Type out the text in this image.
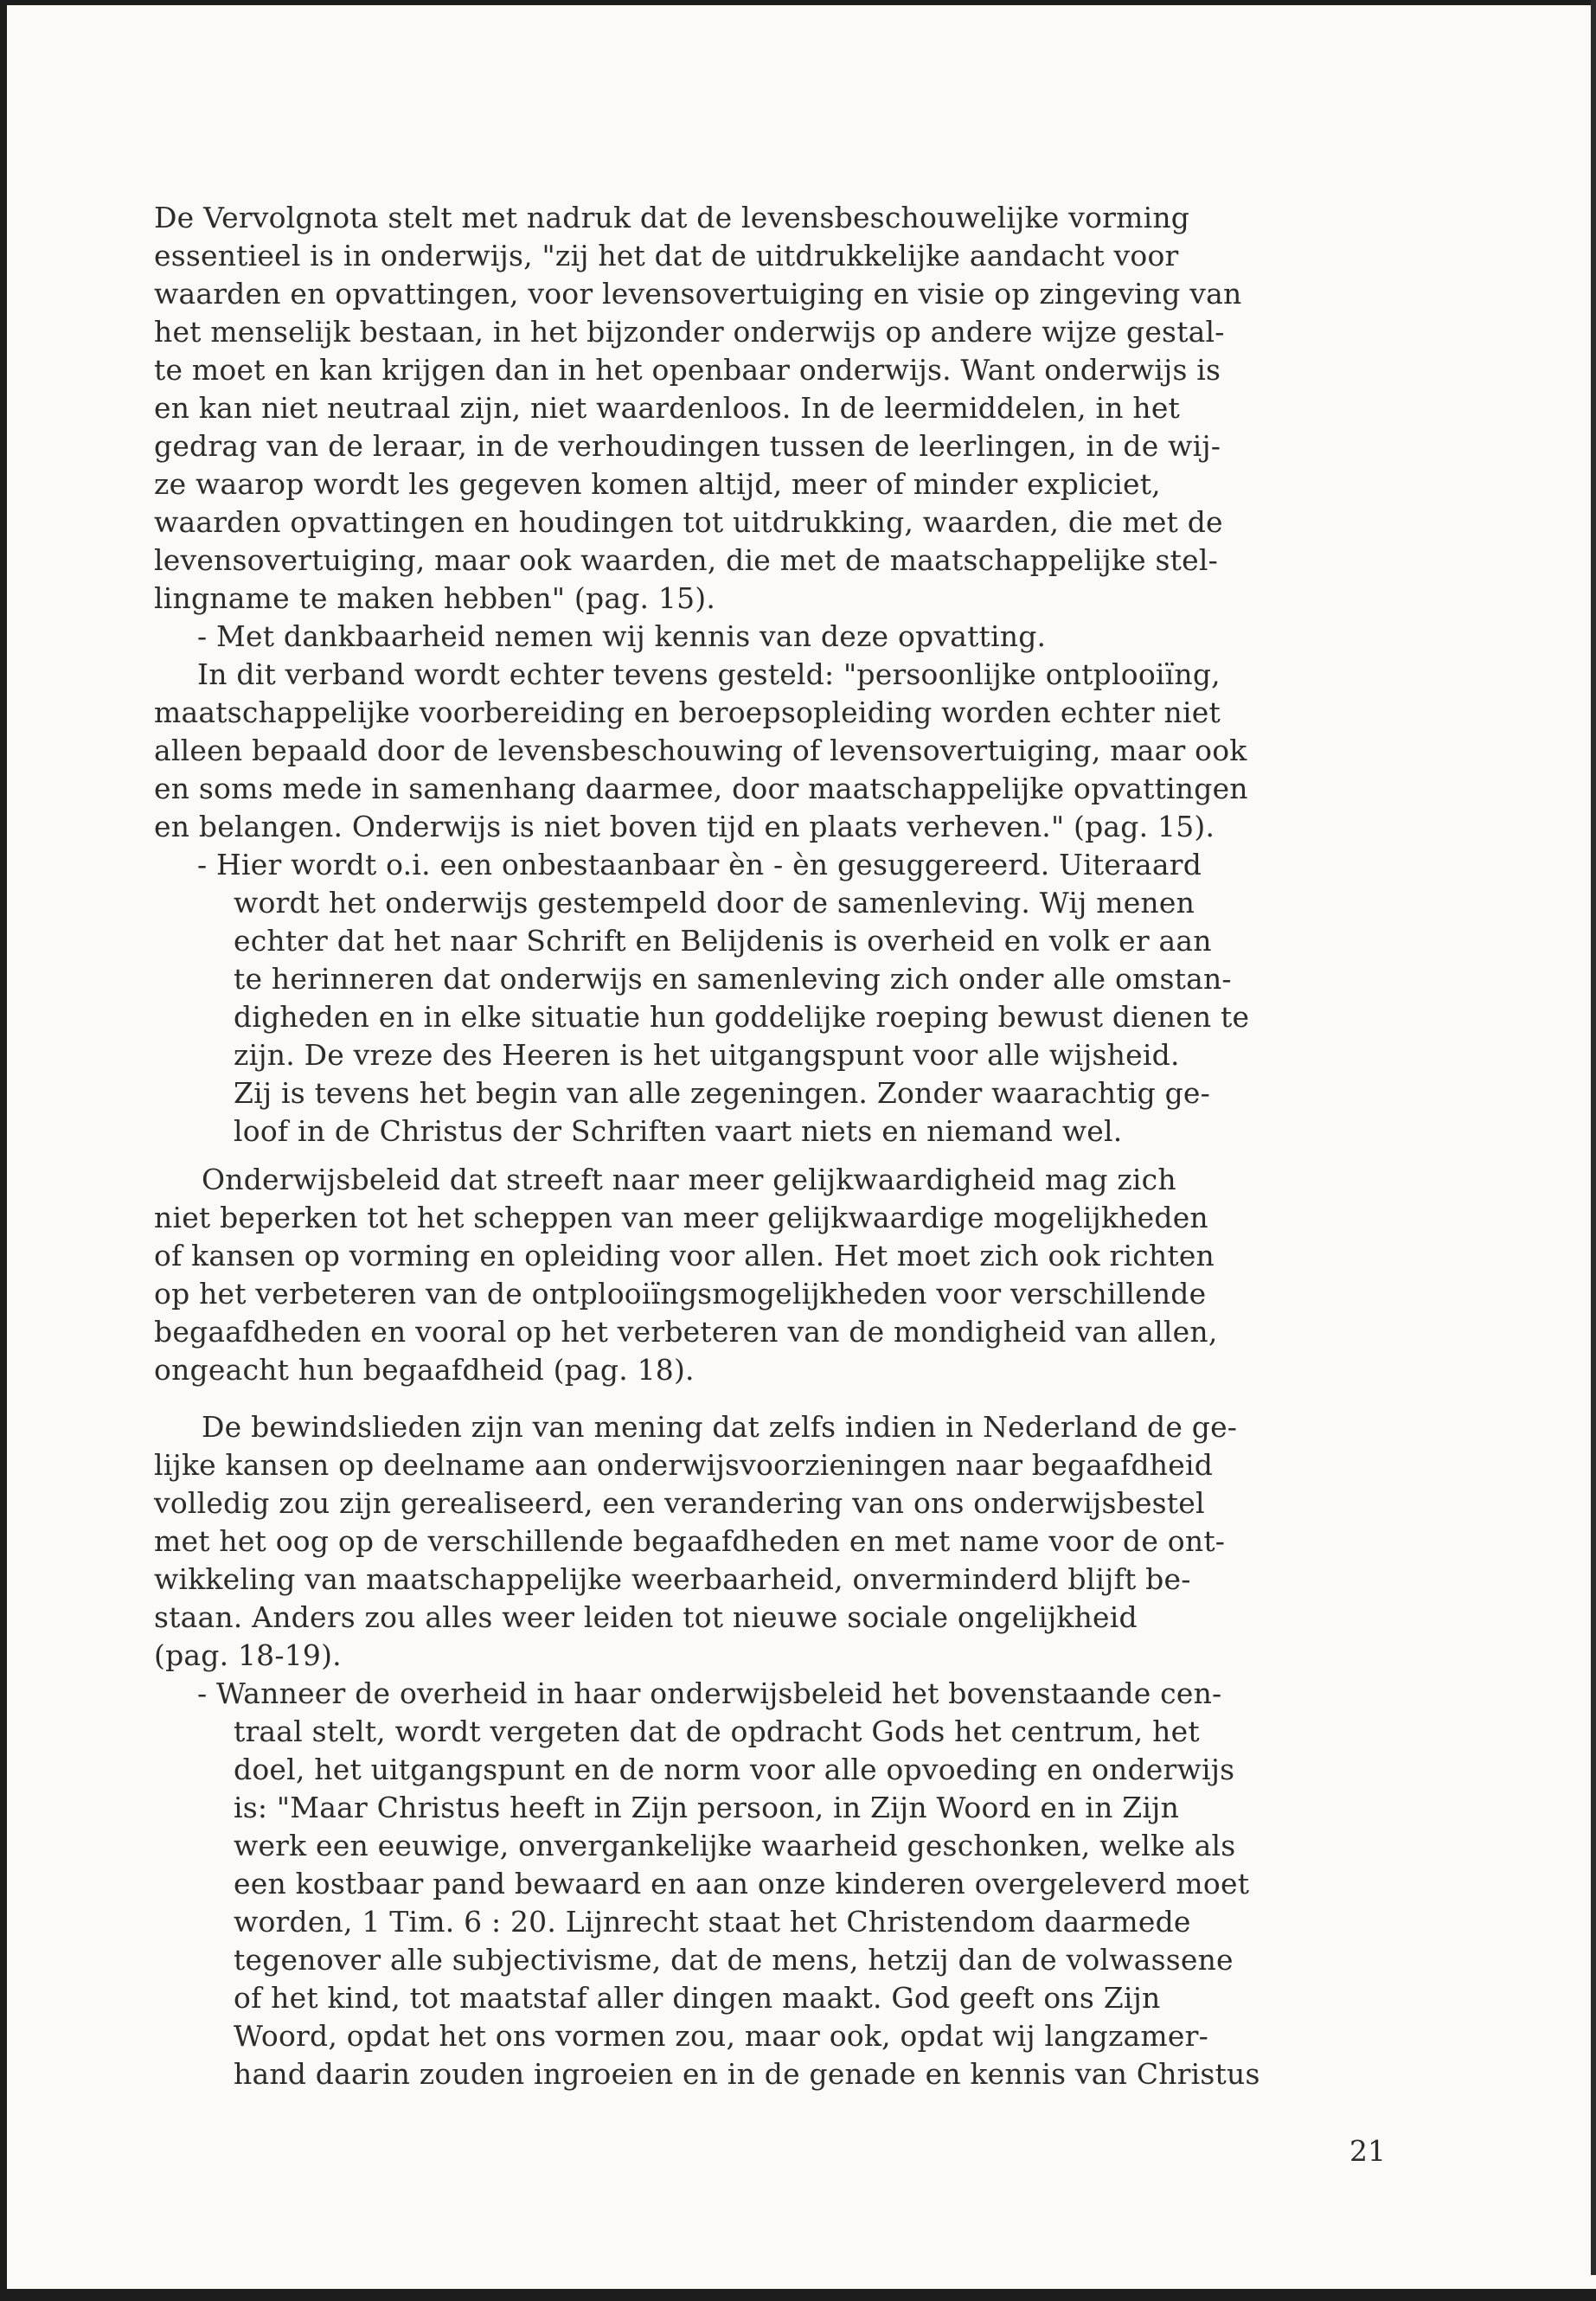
De Vervolgnota stelt met nadruk dat de levensbeschouwelijke vorming
essentieel is in onderwijs, "zij het dat de uitdrukkelijke aandacht voor
waarden en opvattingen, voor levensovertuiging en visie op zingeving van
het menselijk bestaan, in het bijzonder onderwijs op andere wijze gestal-
te moet en kan krijgen dan in het openbaar onderwijs. Want onderwijs is
en kan niet neutraal zijn, niet waardenloos. In de leermiddelen, in het
gedrag van de leraar, in de verhoudingen tussen de leerlingen, in de wij-
ze waarop wordt les gegeven komen altijd, meer of minder expliciet,
waarden opvattingen en houdingen tot uitdrukking, waarden, die met de
levensovertuiging, maar ook waarden, die met de maatschappelijke stel-
lingname te maken hebben" (pag. 15).
- Met dankbaarheid nemen wij kennis van deze opvatting.
In dit verband wordt echter tevens gesteld: "persoonlijke ontplooiïng,
maatschappelijke voorbereiding en beroepsopleiding worden echter niet
alleen bepaald door de levensbeschouwing of levensovertuiging, maar ook
en soms mede in samenhang daarmee, door maatschappelijke opvattingen
en belangen. Onderwijs is niet boven tijd en plaats verheven." (pag. 15).
- Hier wordt o.i. een onbestaanbaar èn - èn gesuggereerd. Uiteraard
wordt het onderwijs gestempeld door de samenleving. Wij menen
echter dat het naar Schrift en Belijdenis is overheid en volk er aan
te herinneren dat onderwijs en samenleving zich onder alle omstan-
digheden en in elke situatie hun goddelijke roeping bewust dienen te
zijn. De vreze des Heeren is het uitgangspunt voor alle wijsheid.
Zij is tevens het begin van alle zegeningen. Zonder waarachtig ge-
loof in de Christus der Schriften vaart niets en niemand wel.
Onderwijsbeleid dat streeft naar meer gelijkwaardigheid mag zich
niet beperken tot het scheppen van meer gelijkwaardige mogelijkheden
of kansen op vorming en opleiding voor allen. Het moet zich ook richten
op het verbeteren van de ontplooiïngsmogelijkheden voor verschillende
begaafdheden en vooral op het verbeteren van de mondigheid van allen,
ongeacht hun begaafdheid (pag. 18).
De bewindslieden zijn van mening dat zelfs indien in Nederland de ge-
lijke kansen op deelname aan onderwijsvoorzieningen naar begaafdheid
volledig zou zijn gerealiseerd, een verandering van ons onderwijsbestel
met het oog op de verschillende begaafdheden en met name voor de ont-
wikkeling van maatschappelijke weerbaarheid, onverminderd blijft be-
staan. Anders zou alles weer leiden tot nieuwe sociale ongelijkheid
(pag. 18-19).
- Wanneer de overheid in haar onderwijsbeleid het bovenstaande cen-
traal stelt, wordt vergeten dat de opdracht Gods het centrum, het
doel, het uitgangspunt en de norm voor alle opvoeding en onderwijs
is: "Maar Christus heeft in Zijn persoon, in Zijn Woord en in Zijn
werk een eeuwige, onvergankelijke waarheid geschonken, welke als
een kostbaar pand bewaard en aan onze kinderen overgeleverd moet
worden, 1 Tim. 6 : 20. Lijnrecht staat het Christendom daarmede
tegenover alle subjectivisme, dat de mens, hetzij dan de volwassene
of het kind, tot maatstaf aller dingen maakt. God geeft ons Zijn
Woord, opdat het ons vormen zou, maar ook, opdat wij langzamer-
hand daarin zouden ingroeien en in de genade en kennis van Christus
21
